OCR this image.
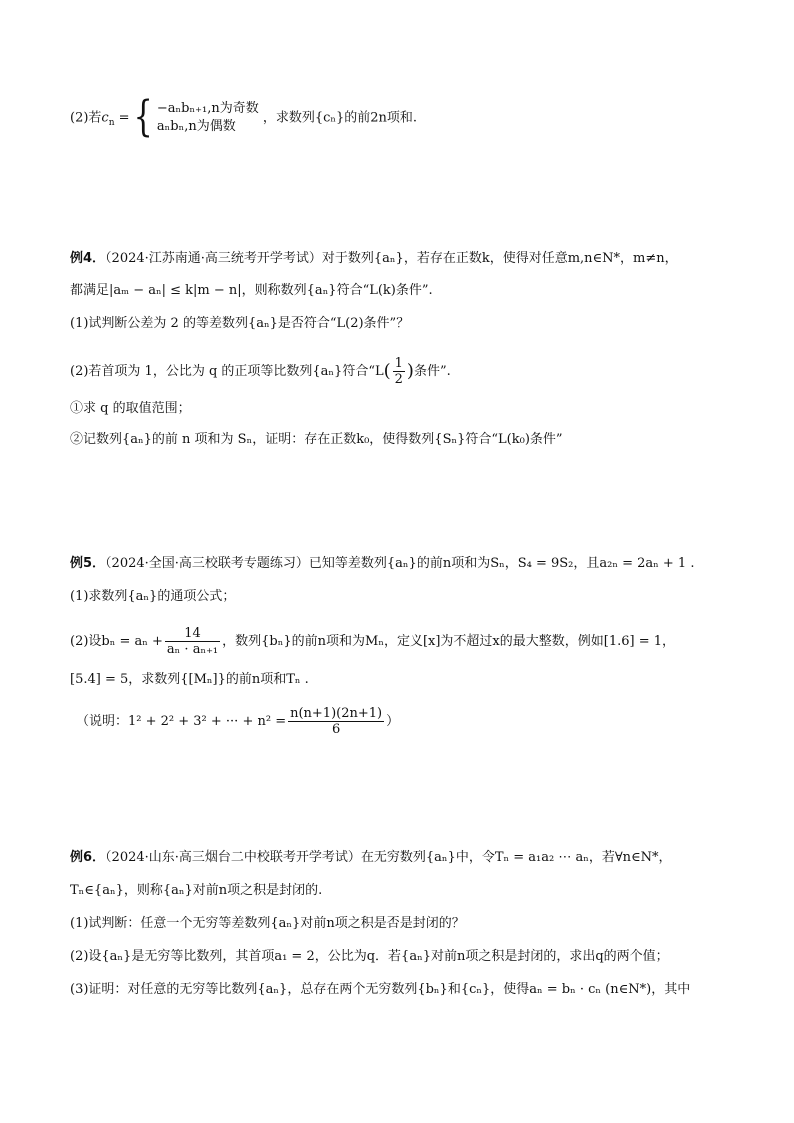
(2)若$c_n$ = { −aₙbₙ₊₁,n为奇数
aₙbₙ,n为偶数
，求数列{cₙ}的前2n项和.
例4．（2024·江苏南通·高三统考开学考试）对于数列{aₙ}，若存在正数k，使得对任意m,n∈N*，m≠n，
都满足|aₘ − aₙ| ≤ k|m − n|，则称数列{aₙ}符合“L(k)条件”.
(1)试判断公差为 2 的等差数列{aₙ}是否符合“L(2)条件”？
(2)若首项为 1，公比为 q 的正项等比数列{aₙ}符合“$L( \frac{1}{2}$ )条件”.
①求 q 的取值范围；
②记数列{aₙ}的前 n 项和为 Sₙ，证明：存在正数k₀，使得数列{Sₙ}符合“L(k₀)条件”
例5．（2024·全国·高三校联考专题练习）已知等差数列{aₙ}的前n项和为Sₙ，S₄ = 9S₂，且a₂ₙ = 2aₙ + 1 .
(1)求数列{aₙ}的通项公式；
(2)设$b_n = a_n + \frac{14}{\text{aₙ · aₙ₊₁}}$ ，数列{bₙ}的前n项和为Mₙ，定义[x]为不超过x的最大整数，例如[1.6] = 1，
[5.4] = 5，求数列{[Mₙ]}的前n项和Tₙ .
（说明：1² + 2² + 3² + ··· + $n^2 = \frac{n(n+1)(2n+1)}{6}$ ）
例6．（2024·山东·高三烟台二中校联考开学考试）在无穷数列{aₙ}中，令Tₙ = a₁a₂ ⋯ aₙ，若∀n∈N*，
Tₙ∈{aₙ}，则称{aₙ}对前n项之积是封闭的.
(1)试判断：任意一个无穷等差数列{aₙ}对前n项之积是否是封闭的？
(2)设{aₙ}是无穷等比数列，其首项a₁ = 2，公比为q．若{aₙ}对前n项之积是封闭的，求出q的两个值；
(3)证明：对任意的无穷等比数列{aₙ}，总存在两个无穷数列{bₙ}和{cₙ}，使得aₙ = bₙ · cₙ (n∈N*)，其中
